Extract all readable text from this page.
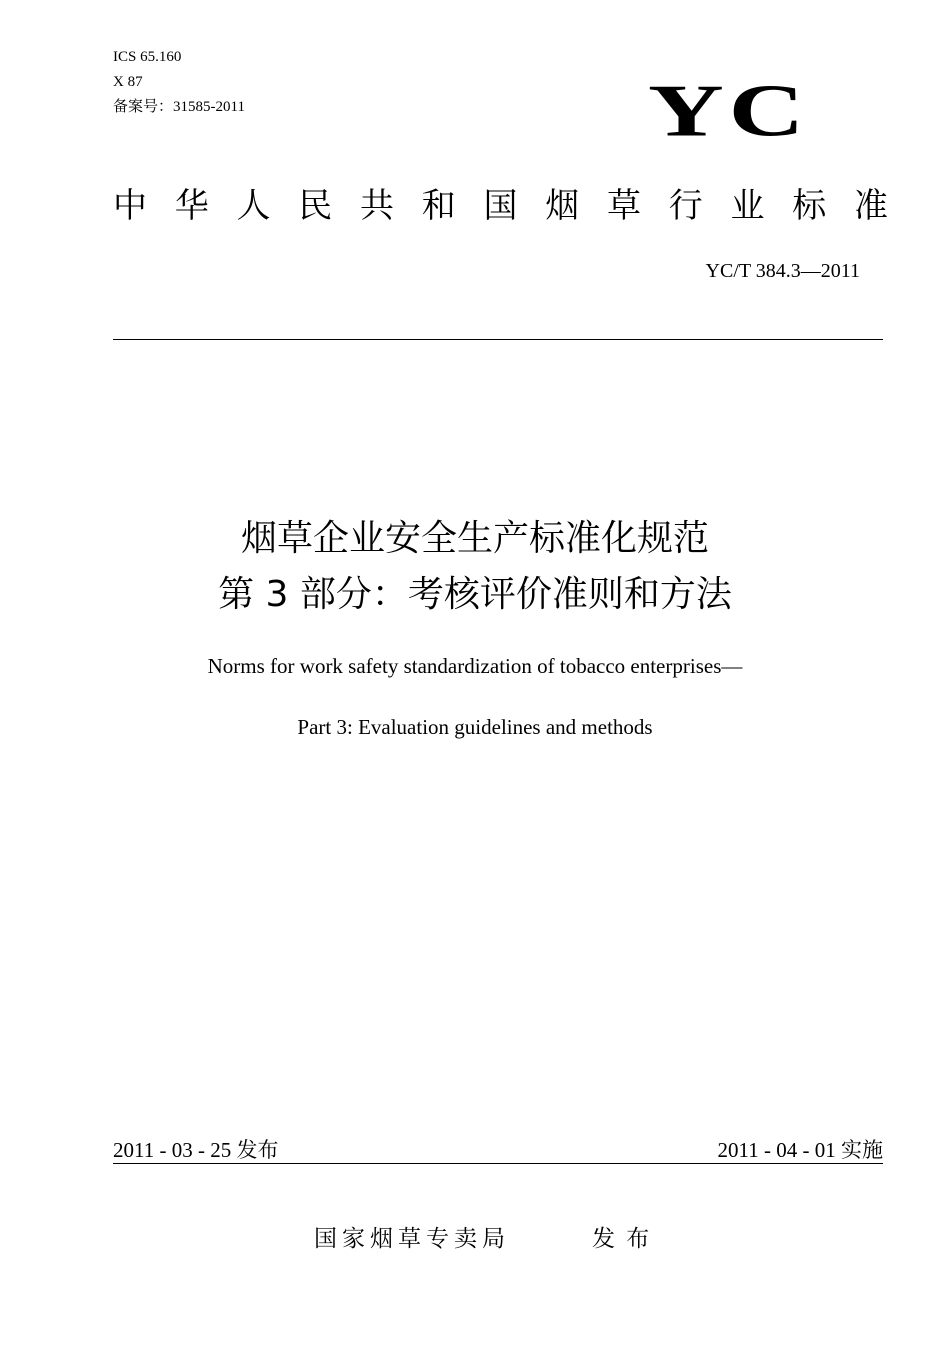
ICS 65.160
X 87
备案号：31585-2011	YC
中 华 人 民 共 和 国 烟 草 行 业 标 准
YC/T 384.3—2011
烟草企业安全生产标准化规范
第 3 部分：考核评价准则和方法
Norms for work safety standardization of tobacco enterprises—
Part 3: Evaluation guidelines and methods
2011 - 03 - 25 发布	2011 - 04 - 01 实施
国家烟草专卖局	发 布
